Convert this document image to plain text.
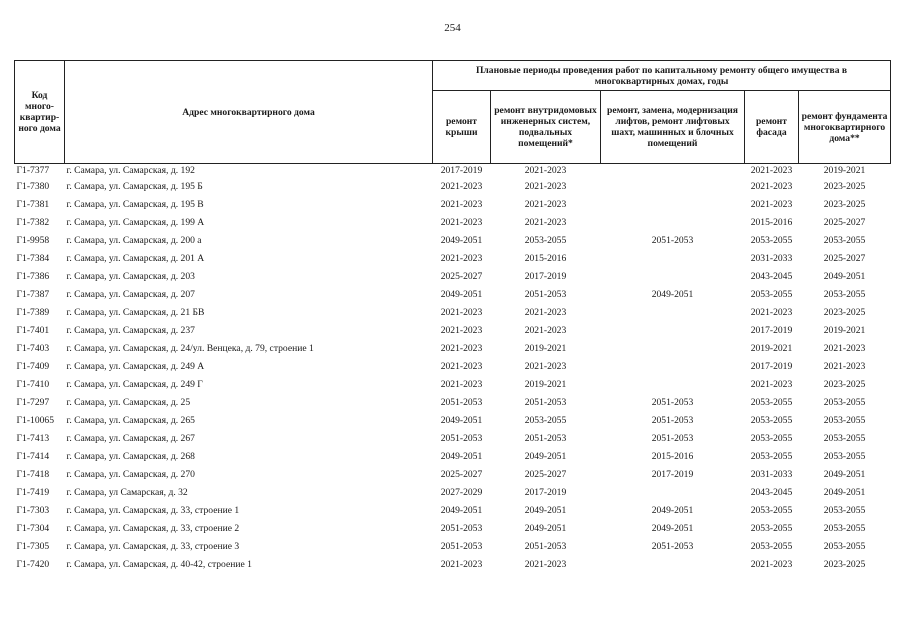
254
Код много-квартир-ного дома	Адрес многоквартирного дома	Плановые периоды проведения работ по капитальному ремонту общего имущества в многоквартирных домах, годы				
		ремонт крыши	ремонт внутридомовых инженерных систем, подвальных помещений*	ремонт, замена, модернизация лифтов, ремонт лифтовых шахт, машинных и блочных помещений	ремонт фасада	ремонт фундамента многоквартирного дома**
Г1-7377	г. Самара, ул. Самарская, д. 192	2017-2019	2021-2023		2021-2023	2019-2021
Г1-7380	г. Самара, ул. Самарская, д. 195 Б	2021-2023	2021-2023		2021-2023	2023-2025
Г1-7381	г. Самара, ул. Самарская, д. 195 В	2021-2023	2021-2023		2021-2023	2023-2025
Г1-7382	г. Самара, ул. Самарская, д. 199 А	2021-2023	2021-2023		2015-2016	2025-2027
Г1-9958	г. Самара, ул. Самарская, д. 200 а	2049-2051	2053-2055	2051-2053	2053-2055	2053-2055
Г1-7384	г. Самара, ул. Самарская, д. 201 А	2021-2023	2015-2016		2031-2033	2025-2027
Г1-7386	г. Самара, ул. Самарская, д. 203	2025-2027	2017-2019		2043-2045	2049-2051
Г1-7387	г. Самара, ул. Самарская, д. 207	2049-2051	2051-2053	2049-2051	2053-2055	2053-2055
Г1-7389	г. Самара, ул. Самарская, д. 21 БВ	2021-2023	2021-2023		2021-2023	2023-2025
Г1-7401	г. Самара, ул. Самарская, д. 237	2021-2023	2021-2023		2017-2019	2019-2021
Г1-7403	г. Самара, ул. Самарская, д. 24/ул. Венцека, д. 79, строение 1	2021-2023	2019-2021		2019-2021	2021-2023
Г1-7409	г. Самара, ул. Самарская, д. 249 А	2021-2023	2021-2023		2017-2019	2021-2023
Г1-7410	г. Самара, ул. Самарская, д. 249 Г	2021-2023	2019-2021		2021-2023	2023-2025
Г1-7297	г. Самара, ул. Самарская, д. 25	2051-2053	2051-2053	2051-2053	2053-2055	2053-2055
Г1-10065	г. Самара, ул. Самарская, д. 265	2049-2051	2053-2055	2051-2053	2053-2055	2053-2055
Г1-7413	г. Самара, ул. Самарская, д. 267	2051-2053	2051-2053	2051-2053	2053-2055	2053-2055
Г1-7414	г. Самара, ул. Самарская, д. 268	2049-2051	2049-2051	2015-2016	2053-2055	2053-2055
Г1-7418	г. Самара, ул. Самарская, д. 270	2025-2027	2025-2027	2017-2019	2031-2033	2049-2051
Г1-7419	г. Самара, ул Самарская, д. 32	2027-2029	2017-2019		2043-2045	2049-2051
Г1-7303	г. Самара, ул. Самарская, д. 33, строение 1	2049-2051	2049-2051	2049-2051	2053-2055	2053-2055
Г1-7304	г. Самара, ул. Самарская, д. 33, строение 2	2051-2053	2049-2051	2049-2051	2053-2055	2053-2055
Г1-7305	г. Самара, ул. Самарская, д. 33, строение 3	2051-2053	2051-2053	2051-2053	2053-2055	2053-2055
Г1-7420	г. Самара, ул. Самарская, д. 40-42, строение 1	2021-2023	2021-2023		2021-2023	2023-2025
